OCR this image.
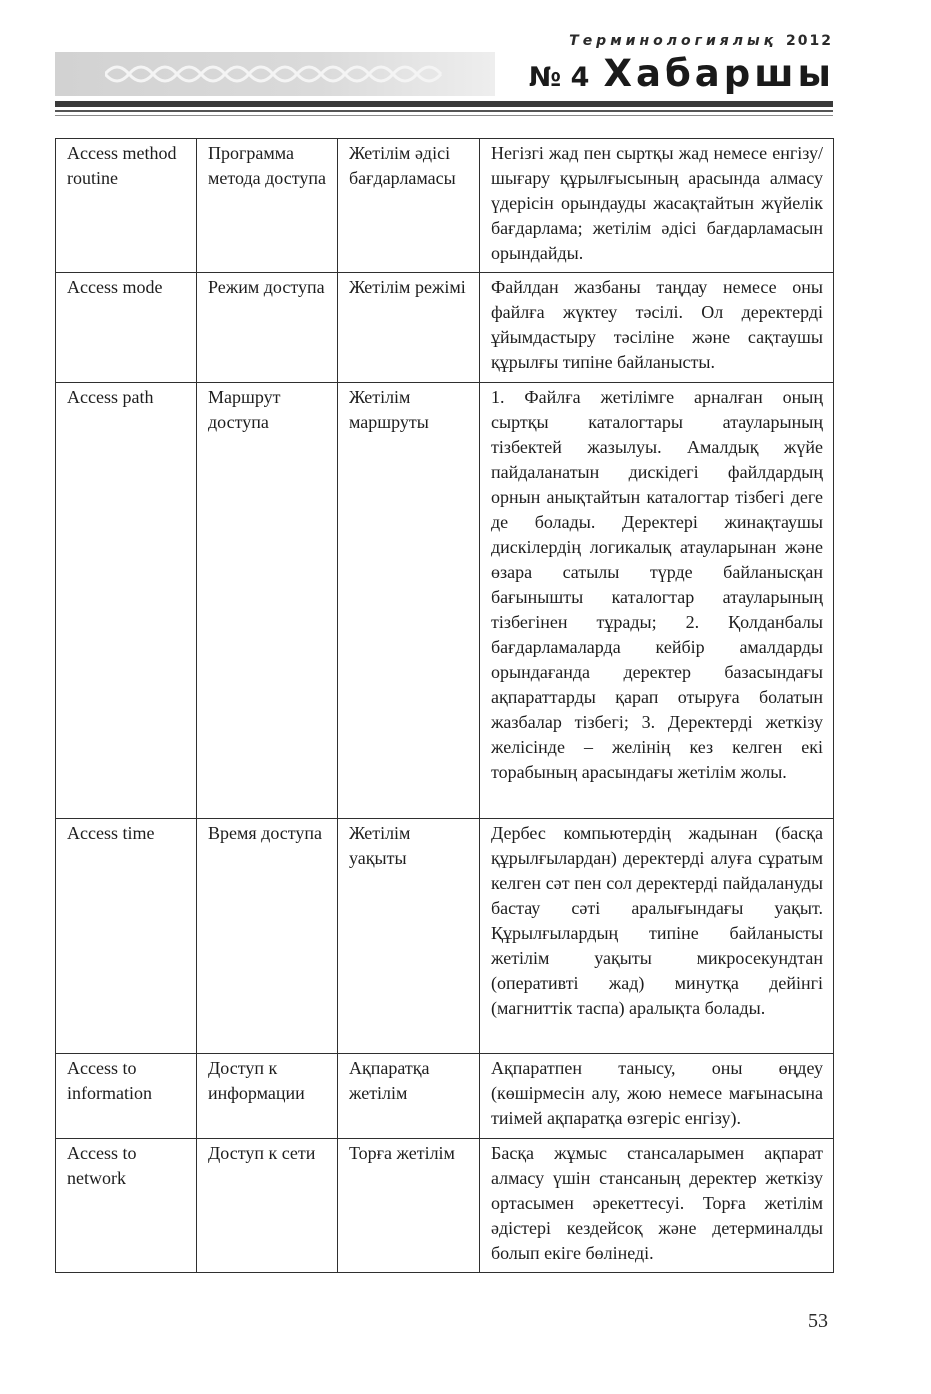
Терминологиялық 2012
№ 4 Хабаршы
Access method routine	Программа метода доступа	Жетілім әдісі бағдарламасы	Негізгі жад пен сыртқы жад немесе енгізу/шығару құрылғысының арасында алмасу үдерісін орындауды жасақтайтын жүйелік бағдарлама; жетілім әдісі бағдарламасын орындайды.
Access mode	Режим доступа	Жетілім режімі	Файлдан жазбаны таңдау немесе оны файлға жүктеу тәсілі. Ол деректерді ұйымдастыру тәсіліне және сақтаушы құрылғы типіне байланысты.
Access path	Маршрут доступа	Жетілім маршруты	1. Файлға жетілімге арналған оның сыртқы каталогтары атауларының тізбектей жазылуы. Амалдық жүйе пайдаланатын дискідегі файлдардың орнын анықтайтын каталогтар тізбегі деге де болады. Деректері жинақтаушы дискілердің логикалық атауларынан және өзара сатылы түрде байланысқан бағынышты каталогтар атауларының тізбегінен тұрады; 2. Қолданбалы бағдарламаларда кейбір амалдарды орындағанда деректер базасындағы ақпараттарды қарап отыруға болатын жазбалар тізбегі; 3. Деректерді жеткізу желісінде – желінің кез келген екі торабының арасындағы жетілім жолы.
Access time	Время доступа	Жетілім уақыты	Дербес компьютердің жадынан (басқа құрылғылардан) деректерді алуға сұратым келген сәт пен сол деректерді пайдалануды бастау сәті аралығындағы уақыт. Құрылғылардың типіне байланысты жетілім уақыты микросекундтан (оперативті жад) минутқа дейінгі (магниттік таспа) аралықта болады.
Access to information	Доступ к информации	Ақпаратқа жетілім	Ақпаратпен танысу, оны өңдеу (көшірмесін алу, жою немесе мағынасына тиімей ақпаратқа өзгеріс енгізу).
Access to network	Доступ к сети	Торға жетілім	Басқа жұмыс стансаларымен ақпарат алмасу үшін стансаның деректер жеткізу ортасымен әрекеттесуі. Торға жетілім әдістері кездейсоқ және детерминалды болып екіге бөлінеді.
53
